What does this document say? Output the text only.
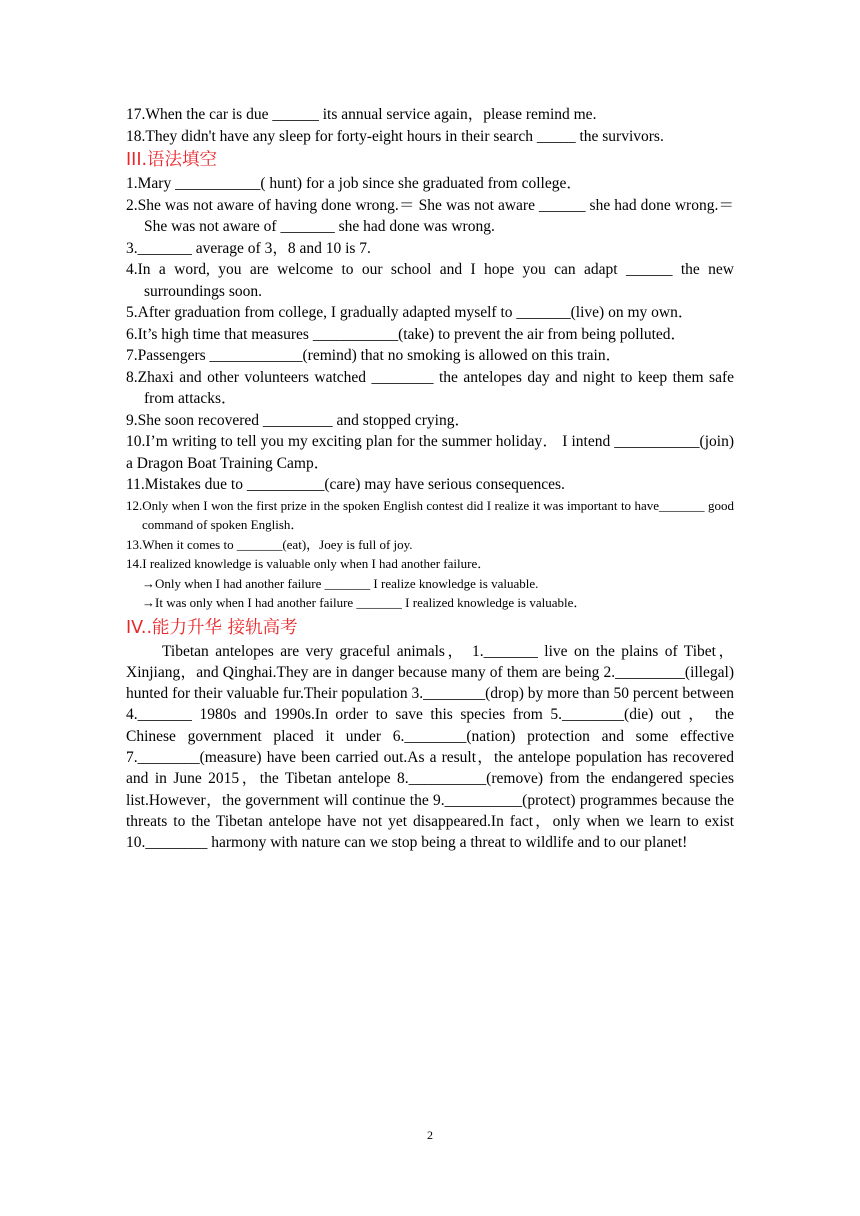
17.When the car is due ______ its annual service again，please remind me.
18.They didn't have any sleep for forty‐eight hours in their search _____ the survivors.
III.语法填空
1.Mary ___________( hunt) for a job since she graduated from college．
2.She was not aware of having done wrong.＝ She was not aware ______ she had done wrong.＝She was not aware of _______ she had done was wrong.
3._______ average of 3，8 and 10 is 7.
4.In a word, you are welcome to our school and I hope you can adapt ______ the new surroundings soon.
5.After graduation from college, I gradually adapted myself to _______(live) on my own．
6.It’s high time that measures ___________(take) to prevent the air from being polluted．
7.Passengers ____________(remind) that no smoking is allowed on this train．
8.Zhaxi and other volunteers watched ________ the antelopes day and night to keep them safe from attacks．
9.She soon recovered _________ and stopped crying．
10.I’m writing to tell you my exciting plan for the summer holiday． I intend ___________(join) a Dragon Boat Training Camp．
11.Mistakes due to __________(care) may have serious consequences.
12.Only when I won the first prize in the spoken English contest did I realize it was important to have_______ good command of spoken English．
13.When it comes to _______(eat)，Joey is full of joy.
14.I realized knowledge is valuable only when I had another failure．
→Only when I had another failure _______ I realize knowledge is valuable.
→It was only when I had another failure _______ I realized knowledge is valuable．
IV..能力升华 接轨高考
Tibetan antelopes are very graceful animals， 1._______ live on the plains of Tibet，Xinjiang，and Qinghai.They are in danger because many of them are being 2._________(illegal) hunted for their valuable fur.Their population 3.________(drop) by more than 50 percent between 4._______ 1980s and 1990s.In order to save this species from 5.________(die) out ， the Chinese government placed it under 6.________(nation) protection and some effective 7.________(measure) have been carried out.As a result，the antelope population has recovered and in June 2015，the Tibetan antelope 8.__________(remove) from the endangered species list.However，the government will continue the 9.__________(protect) programmes because the threats to the Tibetan antelope have not yet disappeared.In fact，only when we learn to exist 10.________ harmony with nature can we stop being a threat to wildlife and to our planet!
2
